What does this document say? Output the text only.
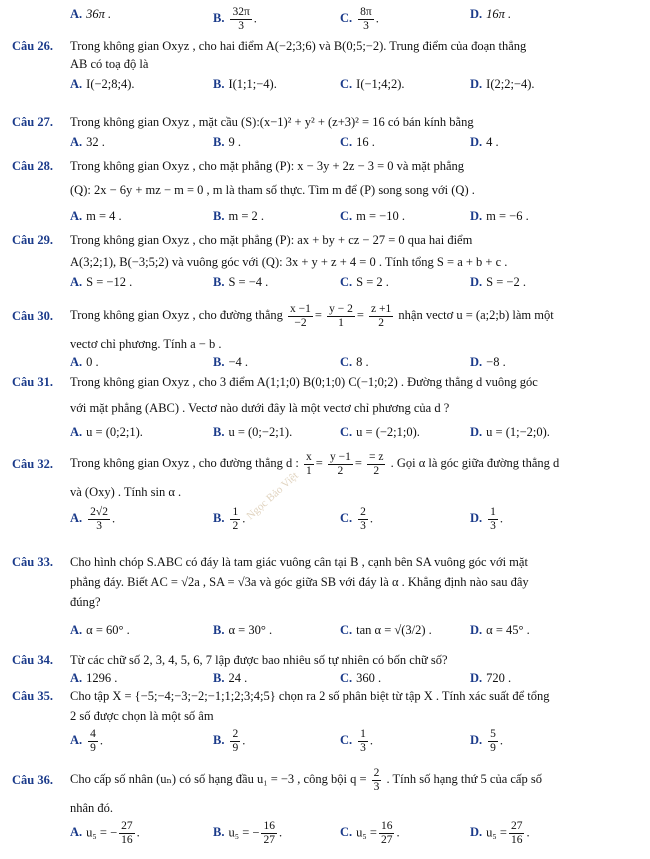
A. 36π .	B. $\frac{32\pi}{3}$ .	C. $\frac{8\pi}{3}$ .	D. 16π .
Câu 26. Trong không gian Oxyz , cho hai điểm A(−2;3;6) và B(0;5;−2). Trung điểm của đoạn thẳng
AB có toạ độ là
A. I(−2;8;4).	B. I(1;1;−4).	C. I(−1;4;2).	D. I(2;2;−4).
Câu 27. Trong không gian Oxyz , mặt cầu (S):(x−1)² + y² + (z+3)² = 16 có bán kính bằng
A. 32 .	B. 9 .	C. 16 .	D. 4 .
Câu 28. Trong không gian Oxyz , cho mặt phẳng (P): x − 3y + 2z − 3 = 0 và mặt phẳng
(Q): 2x − 6y + mz − m = 0 , m là tham số thực. Tìm m để (P) song song với (Q) .
A. m = 4 .	B. m = 2 .	C. m = −10 .	D. m = −6 .
Câu 29. Trong không gian Oxyz , cho mặt phẳng (P): ax + by + cz − 27 = 0 qua hai điểm
A(3;2;1), B(−3;5;2) và vuông góc với (Q): 3x + y + z + 4 = 0 . Tính tổng S = a + b + c .
A. S = −12 .	B. S = −4 .	C. S = 2 .	D. S = −2 .
Câu 30. Trong không gian Oxyz , cho đường thẳng $\frac{x -1}{-2} = \frac{y - 2}{1} = \frac{z +1}{2}$ nhận vectơ u = (a;2;b) làm một
vectơ chỉ phương. Tính a − b .
A. 0 .	B. −4 .	C. 8 .	D. −8 .
Câu 31. Trong không gian Oxyz , cho 3 điểm A(1;1;0) B(0;1;0) C(−1;0;2) . Đường thẳng d vuông góc
với mặt phẳng (ABC) . Vectơ nào dưới đây là một vectơ chỉ phương của d ?
A. u = (0;2;1).	B. u = (0;−2;1).	C. u = (−2;1;0).	D. u = (1;−2;0).
Câu 32. Trong không gian Oxyz , cho đường thẳng d : $\frac{x}{1} = \frac{y -1}{2} = \frac{= z}{2}$ . Gọi α là góc giữa đường thẳng d
và (Oxy) . Tính sin α .
A. $\frac{2√2}{3}$ .	B. $\frac{1}{2}$ .	C. $\frac{2}{3}$ .	D. $\frac{1}{3}$ .
Câu 33. Cho hình chóp S.ABC có đáy là tam giác vuông cân tại B , cạnh bên SA vuông góc với mặt
phẳng đáy. Biết AC = √2a , SA = √3a và góc giữa SB với đáy là α . Khẳng định nào sau đây
đúng?
A. α = 60° .	B. α = 30° .	C. tan α = √(3/2) .	D. α = 45° .
Câu 34. Từ các chữ số 2, 3, 4, 5, 6, 7 lập được bao nhiêu số tự nhiên có bốn chữ số?
A. 1296 .	B. 24 .	C. 360 .	D. 720 .
Câu 35. Cho tập X = {−5;−4;−3;−2;−1;1;2;3;4;5} chọn ra 2 số phân biệt từ tập X . Tính xác suất để tổng
2 số được chọn là một số âm
A. $\frac{4}{9}$ .	B. $\frac{2}{9}$ .	C. $\frac{1}{3}$ .	D. $\frac{5}{9}$ .
Câu 36. Cho cấp số nhân (uₙ) có số hạng đầu u₁ = −3 , công bội $q = \frac{2}{3}$ . Tính số hạng thứ 5 của cấp số
nhân đó.
A. u₅ = − $\frac{27}{16}$ .	B. u₅ = − $\frac{16}{27}$ .	C. $u_5 = \frac{16}{27}$ .	D. $u_5 = \frac{27}{16}$ .
Ngọc Bảo Việt
